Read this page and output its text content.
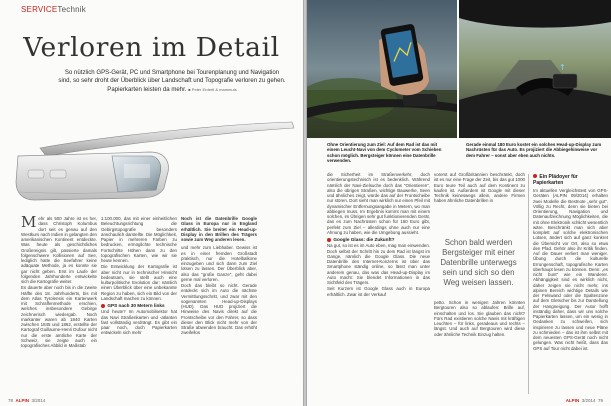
SERVICETechnik
Verloren im Detail
So nützlich GPS-Gerät, PC und Smartphone bei Tourenplanung und Navigation sind, so sehr droht der Überblick über Landschaft und Topografie verloren zu gehen. Papierkarten leisten da mehr. ■ Peter Erdertl & mammuts

Mehr als 500 Jahre ist es her, dass Christoph Kolumbus dort seit es genau auf den Westkurs nach Indien in gelangten den amerikanischen Kontinent entdeckte. Was heute als geschichtliches Großereignis gilt, passierte damals folgenschwere Kollisionen auf See, lediglich hatte die Seefahrer keine adäquate Methode, ja es konnte sie gar nicht geben. Erst im Laufe der folgenden Jahrhunderte entwickelte sich die Kartografie weiter.

Es dauerte aber noch bis in die zweite Hälfte des 18. Jahrhunderts, bis mit dem Atlas Tyrolensis ein Kartenwerk mit Schraffenmethode erschien, welches insbesondere Gebirge zeichnerisch wiedergab. Noch markanter waren ab 1840 Karten zwischen 1845 und 1862, erstellte der Kartograf Guillaume-Henri Dufour nicht nur die erste amtliche Karte der Schweiz, sie zeigte auch ein topografisches Abbild in Maßstab

1:100.000, das mit einer einheitlichen Beleuchtungsrichtung die Gebirgstopografie besonders anschaulich darstellte. Die Möglichkeit, Papier in mehreren Farben zu bedrucken, ermöglichte technische Fortschritte Höhen dann zu den topografischen Karten, wie wir sie heute kennen.

Die Entwicklung der Kartografie ist aber nicht nur in technischer Hinsicht bedeutsam, sie stellt auch eine kulturpolitische Evolution dar: nämlich einen Überblick über eine unbekannte Region zu haben, sich ein Bild von der Landschaft machen zu können.

GPS nach 30 Metern links

Und heute? Im Automobilsektor hat das Navi Straßenkarten und -atlanten fast vollständig verdrängt. Es gibt ein paar noch, doch Papierkarten entwickeln sich mehr

Noch ist die Datenbrille Google Glass in Europa nur in England erhältlich. Sie breitet ein Head-up-Display in den Brillen des Trägers sowie zum Weg anderen lesen.

und mehr zum Liebhaber. Gewiss ist es in einer fremden Großstadt praktisch, nur die Hotelbalkone einzugeben und sich dann zum Ziel lotsen zu lassen. Der Überblick aber, also das "große Ganze", geht dabei gerne mal verloren.

Doch das bleibt so nicht. Gerade entdeckt sich im Auto die nächste Vermittlungsschritt, und zwar mit den sogenannten Head-up-Displays (HUD). Das HUD projiziert die Hinweise des Navis direkt auf die Frontscheibe vor den Fahrer, so dass dieser den Blick nicht mehr von der Straße abwenden braucht. Das erhöht zweifellos

78 ALPIN 3/2014
↑
Ohne Orientierung zum Ziel: Auf dem Rad ist das mit einem Leucht-Navi von dem Cyclometer vom Schieben schon möglich. Bergsteiger können eine Datenbrille verwenden.
Gerade einmal 180 Euro kostet ein solches Head-up-Display zum Nachrüsten für das Auto. Es projiziert die Abbiegehinweise vor dem Fahrer – sonst aber eben auch nichts.

die Sicherheit im Straßenverkehr, doch orientierungstechnisch ist es bedenklich. Während nämlich der Navi-Zielsuche doch das "Orientieren", also die übrigen Straßen, wichtige Bauwerke, Seen und ähnliches zeigt, würde das auf der Frontscheibe nur stören. Dort sieht man wirklich nur einen Pfeil mit dynamischer Entfernungsangabe in Metern, wo man abbiegen muss. Im Ergebnis kommt man mit einem solchen, im Übrigen sehr gut funktionierenden Gerät, das es zum Nachrüsten schon für 150 Euro gibt, perfekt zum Ziel – allerdings ohne auch nur eine Ahnung zu haben, wie die Umgebung aussieht.

Google Glass: die Zukunft?

Na gut, so ist es im Auto eben, mag man einwenden. Doch selbst der Schritt hin zu dem Rad ist längst im Gange, nämlich die Google Glass. Die neue Datenbrille des Internet-Konzerns ist über das Smartphone ständig online, so lässt man unter anderem genau, das was das Head-up-Display im Auto macht: Sie blendet Informationen in das Sichtfeld des Trägers.

Seit Kurzem ist Google Glass auch in Europa erhältlich. Zwar ist der Verkauf

vorerst auf Großbritannien beschränkt, doch ist es nur eine Frage der Zeit, bis das gut 1000 Euro teure Teil auch auf dem Kontinent zu kaufen ist. Außerdem ist Google mit dieser Technik keineswegs allein, andere Firmen haben ähnliche Datenbrillen in

Schon bald werden Bergsteiger mit einer Datenbrille unterwegs sein und sich so den Weg weisen lassen.

petto. Schon in wenigen Jahren könnten Bergtouren also so ablaufen: Brille auf, einschalten und los. Sie glauben das nicht? Fürs Rad existieren solche Navis mit kräftigen Leuchten – für links, geradeaus und rechts – längst. Und auch auf Bergtouren wird diese oder ähnliche Technik Einzug halten.

Ein Plädoyer für Papierkarten

Im aktuellen Vergleichstest von GPS-Geräten (ALPIN 09/2014) erhalten zwei Modelle die Bestnote „sehr gut". Völlig zu Recht, denn sie bieten bei Orientierung, Navigation und Datenaufzeichnung Möglichkeiten, die mit ohne Elektronik schlicht wesentlich wäre. Beschränkt man sich aber komplett auf solche elektronischen Lotsen, ändert sich auf ganz konkret die Übersicht vor Ort, also so etwa den Pfad. Gehör also ihr Kritik finden. Auf die Dauer verliert man weniger. Übung durch die kulturelle Errungenschaft, topografische Karten überhaupt lesen zu können. Denn: „es nicht bunt" wie ein Wanderer. Abhängigkeit sind es wirklich nicht, daher zeigen sie nicht mehr, ins alpinen Bereich wichtige Details wie der Felswand oder die Spaltenzone auf dem Gletscher bis zur Darstellung der Hangneigung. Der Autor hofft inständig daher, dass wir uns solche Papierkarten lassen, um ein wenig in Gedanken zu schweifen, sich inspirieren zu lassen und neue Pläne zu schmieden – das ist ihm selbst mit dem neuesten GPS-Gerät noch nicht gelungen. Was nicht heißt, dass das GPS auf Tour nicht dabei ist.

ALPIN 3/2014 79
